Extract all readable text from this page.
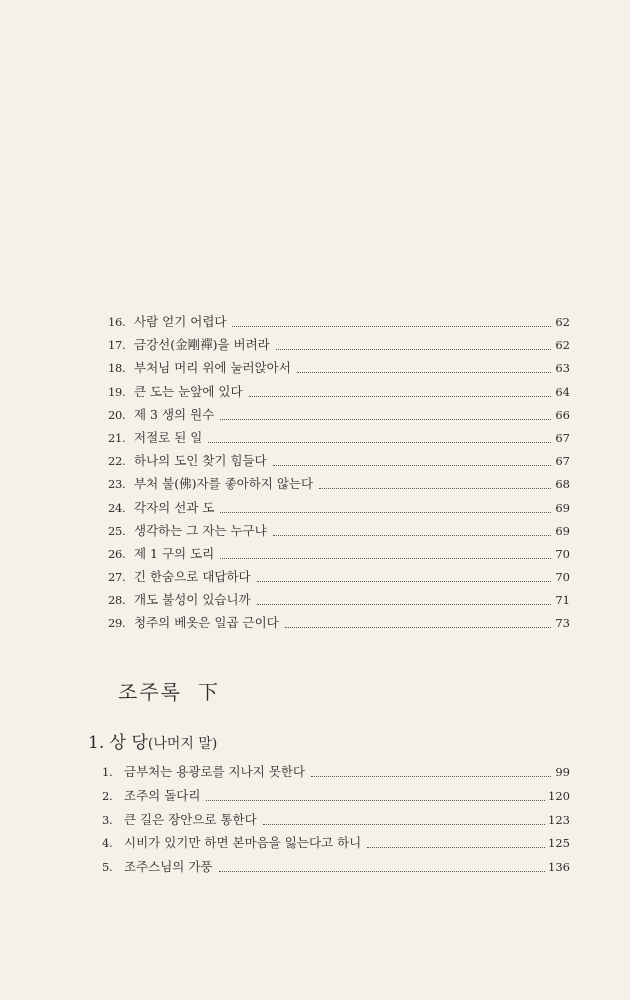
16. 사람 얻기 어렵다	62
17. 금강선(金剛禪)을 버려라	62
18. 부처님 머리 위에 눌러앉아서	63
19. 큰 도는 눈앞에 있다	64
20. 제 3 생의 원수	66
21. 저절로 된 일	67
22. 하나의 도인 찾기 힘들다	67
23. 부처 불(佛)자를 좋아하지 않는다	68
24. 각자의 선과 도	69
25. 생각하는 그 자는 누구냐	69
26. 제 1 구의 도리	70
27. 긴 한숨으로 대답하다	70
28. 개도 불성이 있습니까	71
29. 청주의 베옷은 일곱 근이다	73
조주록 下
1. 상 당(나머지 말)
1. 금부처는 용광로를 지나지 못한다	99
2. 조주의 돌다리	120
3. 큰 길은 장안으로 통한다	123
4. 시비가 있기만 하면 본마음을 잃는다고 하니	125
5. 조주스님의 가풍	136
